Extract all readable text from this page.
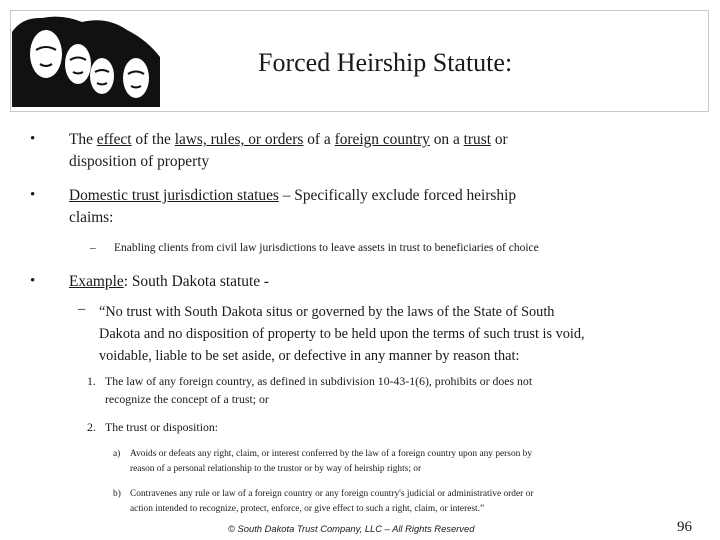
Forced Heirship Statute:
• The effect of the laws, rules, or orders of a foreign country on a trust or
disposition of property
• Domestic trust jurisdiction statues – Specifically exclude forced heirship
claims:
– Enabling clients from civil law jurisdictions to leave assets in trust to beneficiaries of choice
• Example: South Dakota statute -
– “No trust with South Dakota situs or governed by the laws of the State of South
Dakota and no disposition of property to be held upon the terms of such trust is void,
voidable, liable to be set aside, or defective in any manner by reason that:
1. The law of any foreign country, as defined in subdivision 10-43-1(6), prohibits or does not
recognize the concept of a trust; or
2. The trust or disposition:
a) Avoids or defeats any right, claim, or interest conferred by the law of a foreign country upon any person by
reason of a personal relationship to the trustor or by way of heirship rights; or
b) Contravenes any rule or law of a foreign country or any foreign country's judicial or administrative order or
action intended to recognize, protect, enforce, or give effect to such a right, claim, or interest.”
© South Dakota Trust Company, LLC – All Rights Reserved	96
